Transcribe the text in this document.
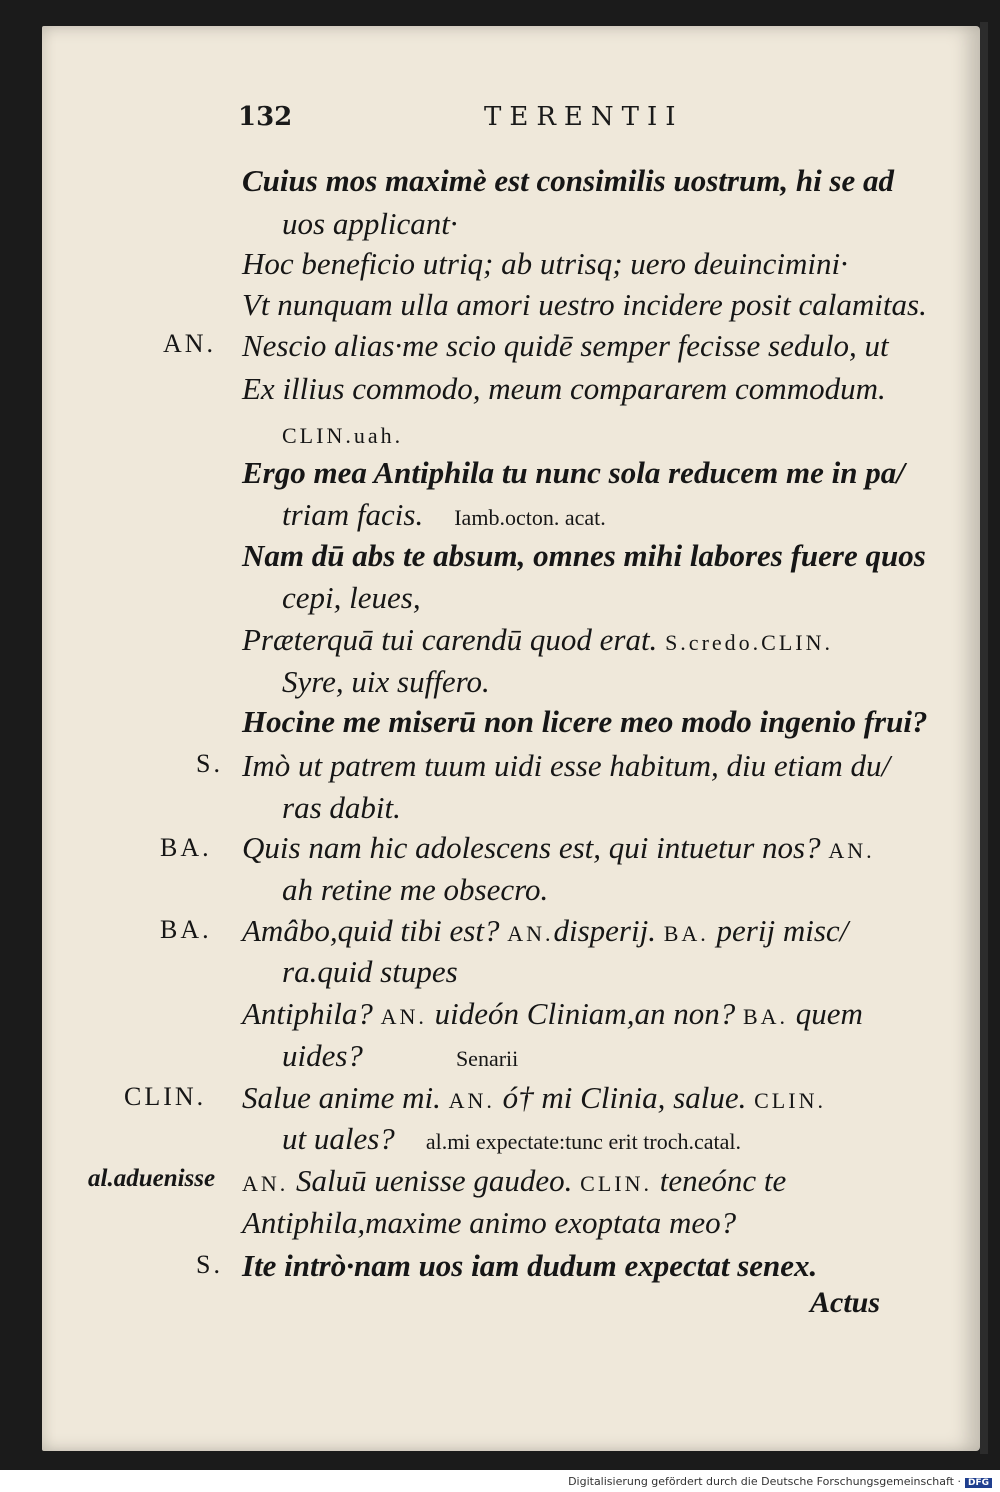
132	TERENTII
AN.
S.
BA.
BA.
CLIN.
al.aduenisse
S.
Cuius mos maximè est consimilis uostrum, hi se ad
uos applicant·
Hoc beneficio utriq; ab utrisq; uero deuincimini·
Vt nunquam ulla amori uestro incidere posit calamitas.
Nescio alias·me scio quidē semper fecisse sedulo, ut
Ex illius commodo, meum compararem commodum.
CLIN.uah.
Ergo mea Antiphila tu nunc sola reducem me in pa/
triam facis. Iamb.octon. acat.
Nam dū abs te absum, omnes mihi labores fuere quos
cepi, leues,
Præterquā tui carendū quod erat. S.credo.CLIN.
Syre, uix suffero.
Hocine me miserū non licere meo modo ingenio frui?
Imò ut patrem tuum uidi esse habitum, diu etiam du/
ras dabit.
Quis nam hic adolescens est, qui intuetur nos? AN.
ah retine me obsecro.
Amâbo,quid tibi est? AN.disperij. BA. perij misc/
ra.quid stupes
Antiphila? AN. uideón Cliniam,an non? BA. quem
uides?	Senarii
Salue anime mi. AN. ó† mi Clinia, salue. CLIN.
ut uales? al.mi expectate:tunc erit troch.catal.
AN. Saluū uenisse gaudeo. CLIN. teneónc te
Antiphila,maxime animo exoptata meo?
Ite intrò·nam uos iam dudum expectat senex.
Actus
Digitalisierung gefördert durch die Deutsche Forschungsgemeinschaft · DFG
